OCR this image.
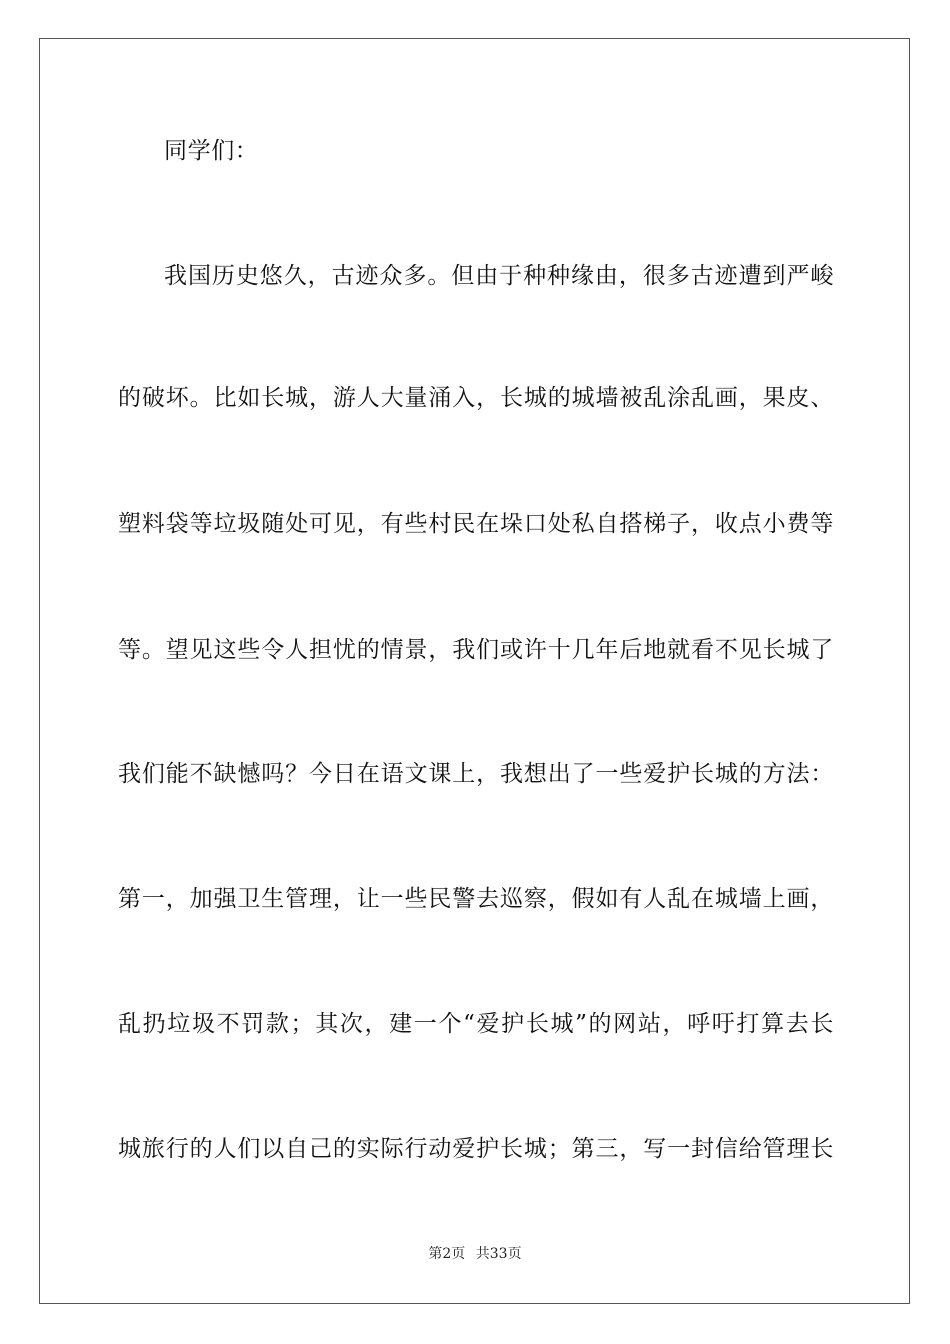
同学们：
我国历史悠久，古迹众多。但由于种种缘由，很多古迹遭到严峻
的破坏。比如长城，游人大量涌入，长城的城墙被乱涂乱画，果皮、
塑料袋等垃圾随处可见，有些村民在垛口处私自搭梯子，收点小费等
等。望见这些令人担忧的情景，我们或许十几年后地就看不见长城了
我们能不缺憾吗？今日在语文课上，我想出了一些爱护长城的方法：
第一，加强卫生管理，让一些民警去巡察，假如有人乱在城墙上画，
乱扔垃圾不罚款；其次，建一个“爱护长城”的网站，呼吁打算去长
城旅行的人们以自己的实际行动爱护长城；第三，写一封信给管理长
第2页 共33页
